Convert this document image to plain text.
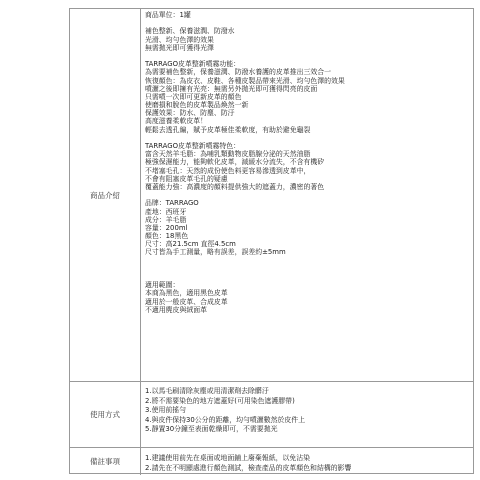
商品介紹
商品單位：1罐
補色整新、保養滋潤、防潑水
光滑、均勻色澤的效果
無需拋光即可獲得光澤
TARRAGO皮革整新噴霧功能：
為需要補色整新，保養滋潤、防潑水養護的皮革推出三效合一
恢復顏色：為皮衣、皮鞋、各種皮製品帶來光滑、均勻色澤的效果
噴灑之後即擁有光亮：無需另外拋光即可獲得閃亮的皮面
只需噴一次即可更新皮革的顏色
使磨損和脫色的皮革製品煥然一新
保護效果：防水、防塵、防汙
高度滋養柔軟皮革！
輕鬆去透孔編，賦予皮革極佳柔軟度，有助於避免龜裂
TARRAGO皮革整新噴霧特色：
富含天然羊毛脂：為哺乳類動物皮脂腺分泌的天然油脂
極強保濕能力，能夠軟化皮革，減緩水分流失，不含有機矽
不堵塞毛孔：天然的成份使色料更容易滲透到皮革中，
不會有阻塞皮革毛孔的疑慮
覆蓋能力強：高濃度的顏料提供強大的遮蓋力，濃密的著色
品牌：TARRAGO
產地：西班牙
成分：羊毛脂
容量：200ml
顏色：18黑色
尺寸：高21.5cm 直徑4.5cm
尺寸皆為手工測量，略有誤差，誤差約±5mm
適用範圍：
本商為黑色，適用黑色皮革
適用於一般皮革、合成皮革
不適用麂皮與絨面革
使用方式
1.以馬毛刷清除灰塵或用清潔劑去除髒汙
2.將不需要染色的地方遮蓋好(可用染色遮護膠帶)
3.使用前搖勻
4.與皮件保持30公分的距離，均勻噴灑數然於皮件上
5.靜置30分鐘至表面乾燥即可，不需要拋光
備註事項	1.建議使用前先在桌面或地面鋪上廢棄報紙，以免沾染
2.請先在不明顯處進行顏色測試，檢查產品的皮革顏色和結構的影響
